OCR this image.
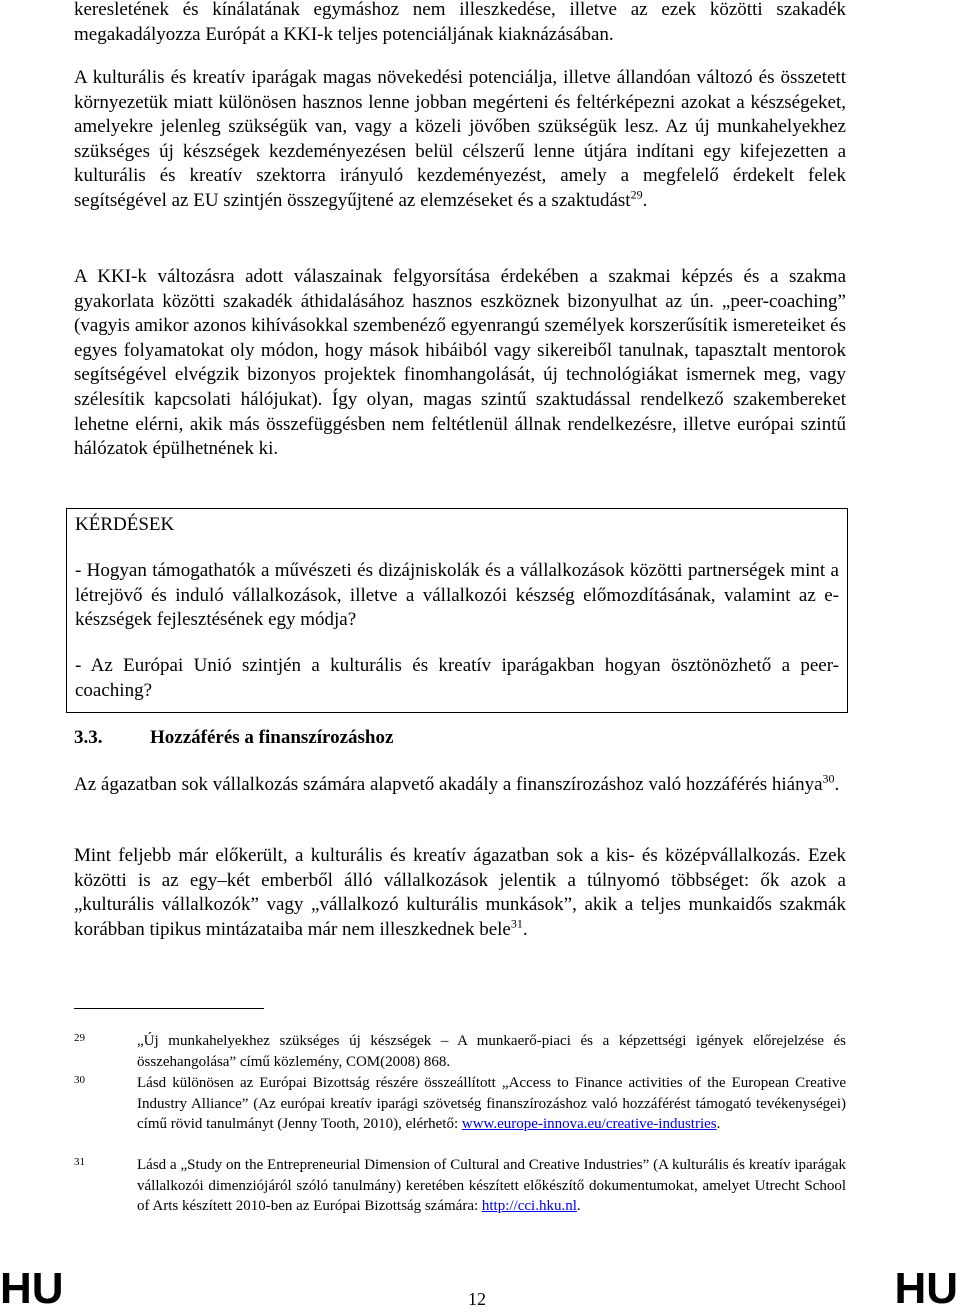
keresletének és kínálatának egymáshoz nem illeszkedése, illetve az ezek közötti szakadék megakadályozza Európát a KKI-k teljes potenciáljának kiaknázásában.

A kulturális és kreatív iparágak magas növekedési potenciálja, illetve állandóan változó és összetett környezetük miatt különösen hasznos lenne jobban megérteni és feltérképezni azokat a készségeket, amelyekre jelenleg szükségük van, vagy a közeli jövőben szükségük lesz. Az új munkahelyekhez szükséges új készségek kezdeményezésen belül célszerű lenne útjára indítani egy kifejezetten a kulturális és kreatív szektorra irányuló kezdeményezést, amely a megfelelő érdekelt felek segítségével az EU szintjén összegyűjtené az elemzéseket és a szaktudást$^{29}$.

A KKI-k változásra adott válaszainak felgyorsítása érdekében a szakmai képzés és a szakma gyakorlata közötti szakadék áthidalásához hasznos eszköznek bizonyulhat az ún. „peer-coaching” (vagyis amikor azonos kihívásokkal szembenéző egyenrangú személyek korszerűsítik ismereteiket és egyes folyamatokat oly módon, hogy mások hibáiból vagy sikereiből tanulnak, tapasztalt mentorok segítségével elvégzik bizonyos projektek finomhangolását, új technológiákat ismernek meg, vagy szélesítik kapcsolati hálójukat). Így olyan, magas szintű szaktudással rendelkező szakembereket lehetne elérni, akik más összefüggésben nem feltétlenül állnak rendelkezésre, illetve európai szintű hálózatok épülhetnének ki.

KÉRDÉSEK

- Hogyan támogathatók a művészeti és dizájniskolák és a vállalkozások közötti partnerségek mint a létrejövő és induló vállalkozások, illetve a vállalkozói készség előmozdításának, valamint az e-készségek fejlesztésének egy módja?

- Az Európai Unió szintjén a kulturális és kreatív iparágakban hogyan ösztönözhető a peer-coaching?

3.3.	Hozzáférés a finanszírozáshoz

Az ágazatban sok vállalkozás számára alapvető akadály a finanszírozáshoz való hozzáférés hiánya$^{30}$.

Mint feljebb már előkerült, a kulturális és kreatív ágazatban sok a kis- és középvállalkozás. Ezek közötti is az egy–két emberből álló vállalkozások jelentik a túlnyomó többséget: ők azok a „kulturális vállalkozók” vagy „vállalkozó kulturális munkások”, akik a teljes munkaidős szakmák korábban tipikus mintázataiba már nem illeszkednek bele$^{31}$.

29	„Új munkahelyekhez szükséges új készségek – A munkaerő-piaci és a képzettségi igények előrejelzése és összehangolása” című közlemény, COM(2008) 868.
30	Lásd különösen az Európai Bizottság részére összeállított „Access to Finance activities of the European Creative Industry Alliance” (Az európai kreatív iparági szövetség finanszírozáshoz való hozzáférést támogató tevékenységei) című rövid tanulmányt (Jenny Tooth, 2010), elérhető: www.europe-innova.eu/creative-industries.
31	Lásd a „Study on the Entrepreneurial Dimension of Cultural and Creative Industries” (A kulturális és kreatív iparágak vállalkozói dimenziójáról szóló tanulmány) keretében készített előkészítő dokumentumokat, amelyet Utrecht School of Arts készített 2010-ben az Európai Bizottság számára: http://cci.hku.nl.
HU	12	HU
